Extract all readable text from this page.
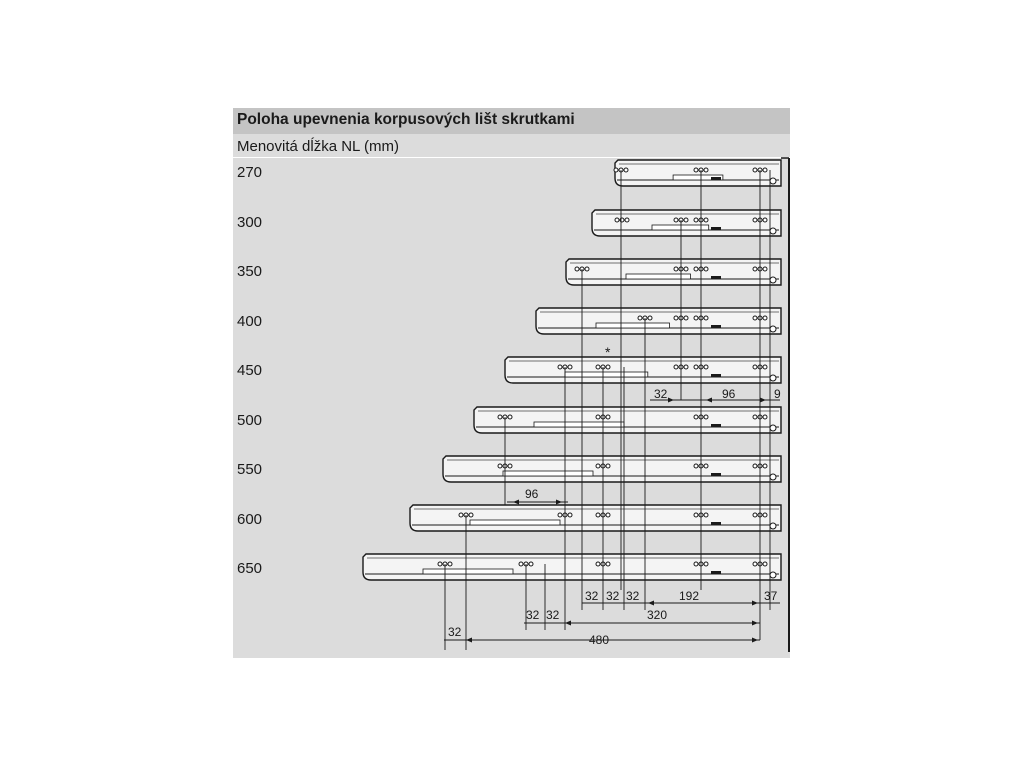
Poloha upevnenia korpusových lišt skrutkami
Menovitá dĺžka NL (mm)
270
300
350
400
450
500
550
600
650
*
32	96	9
96
32 32 32	192	37
32 32	320
32
480
